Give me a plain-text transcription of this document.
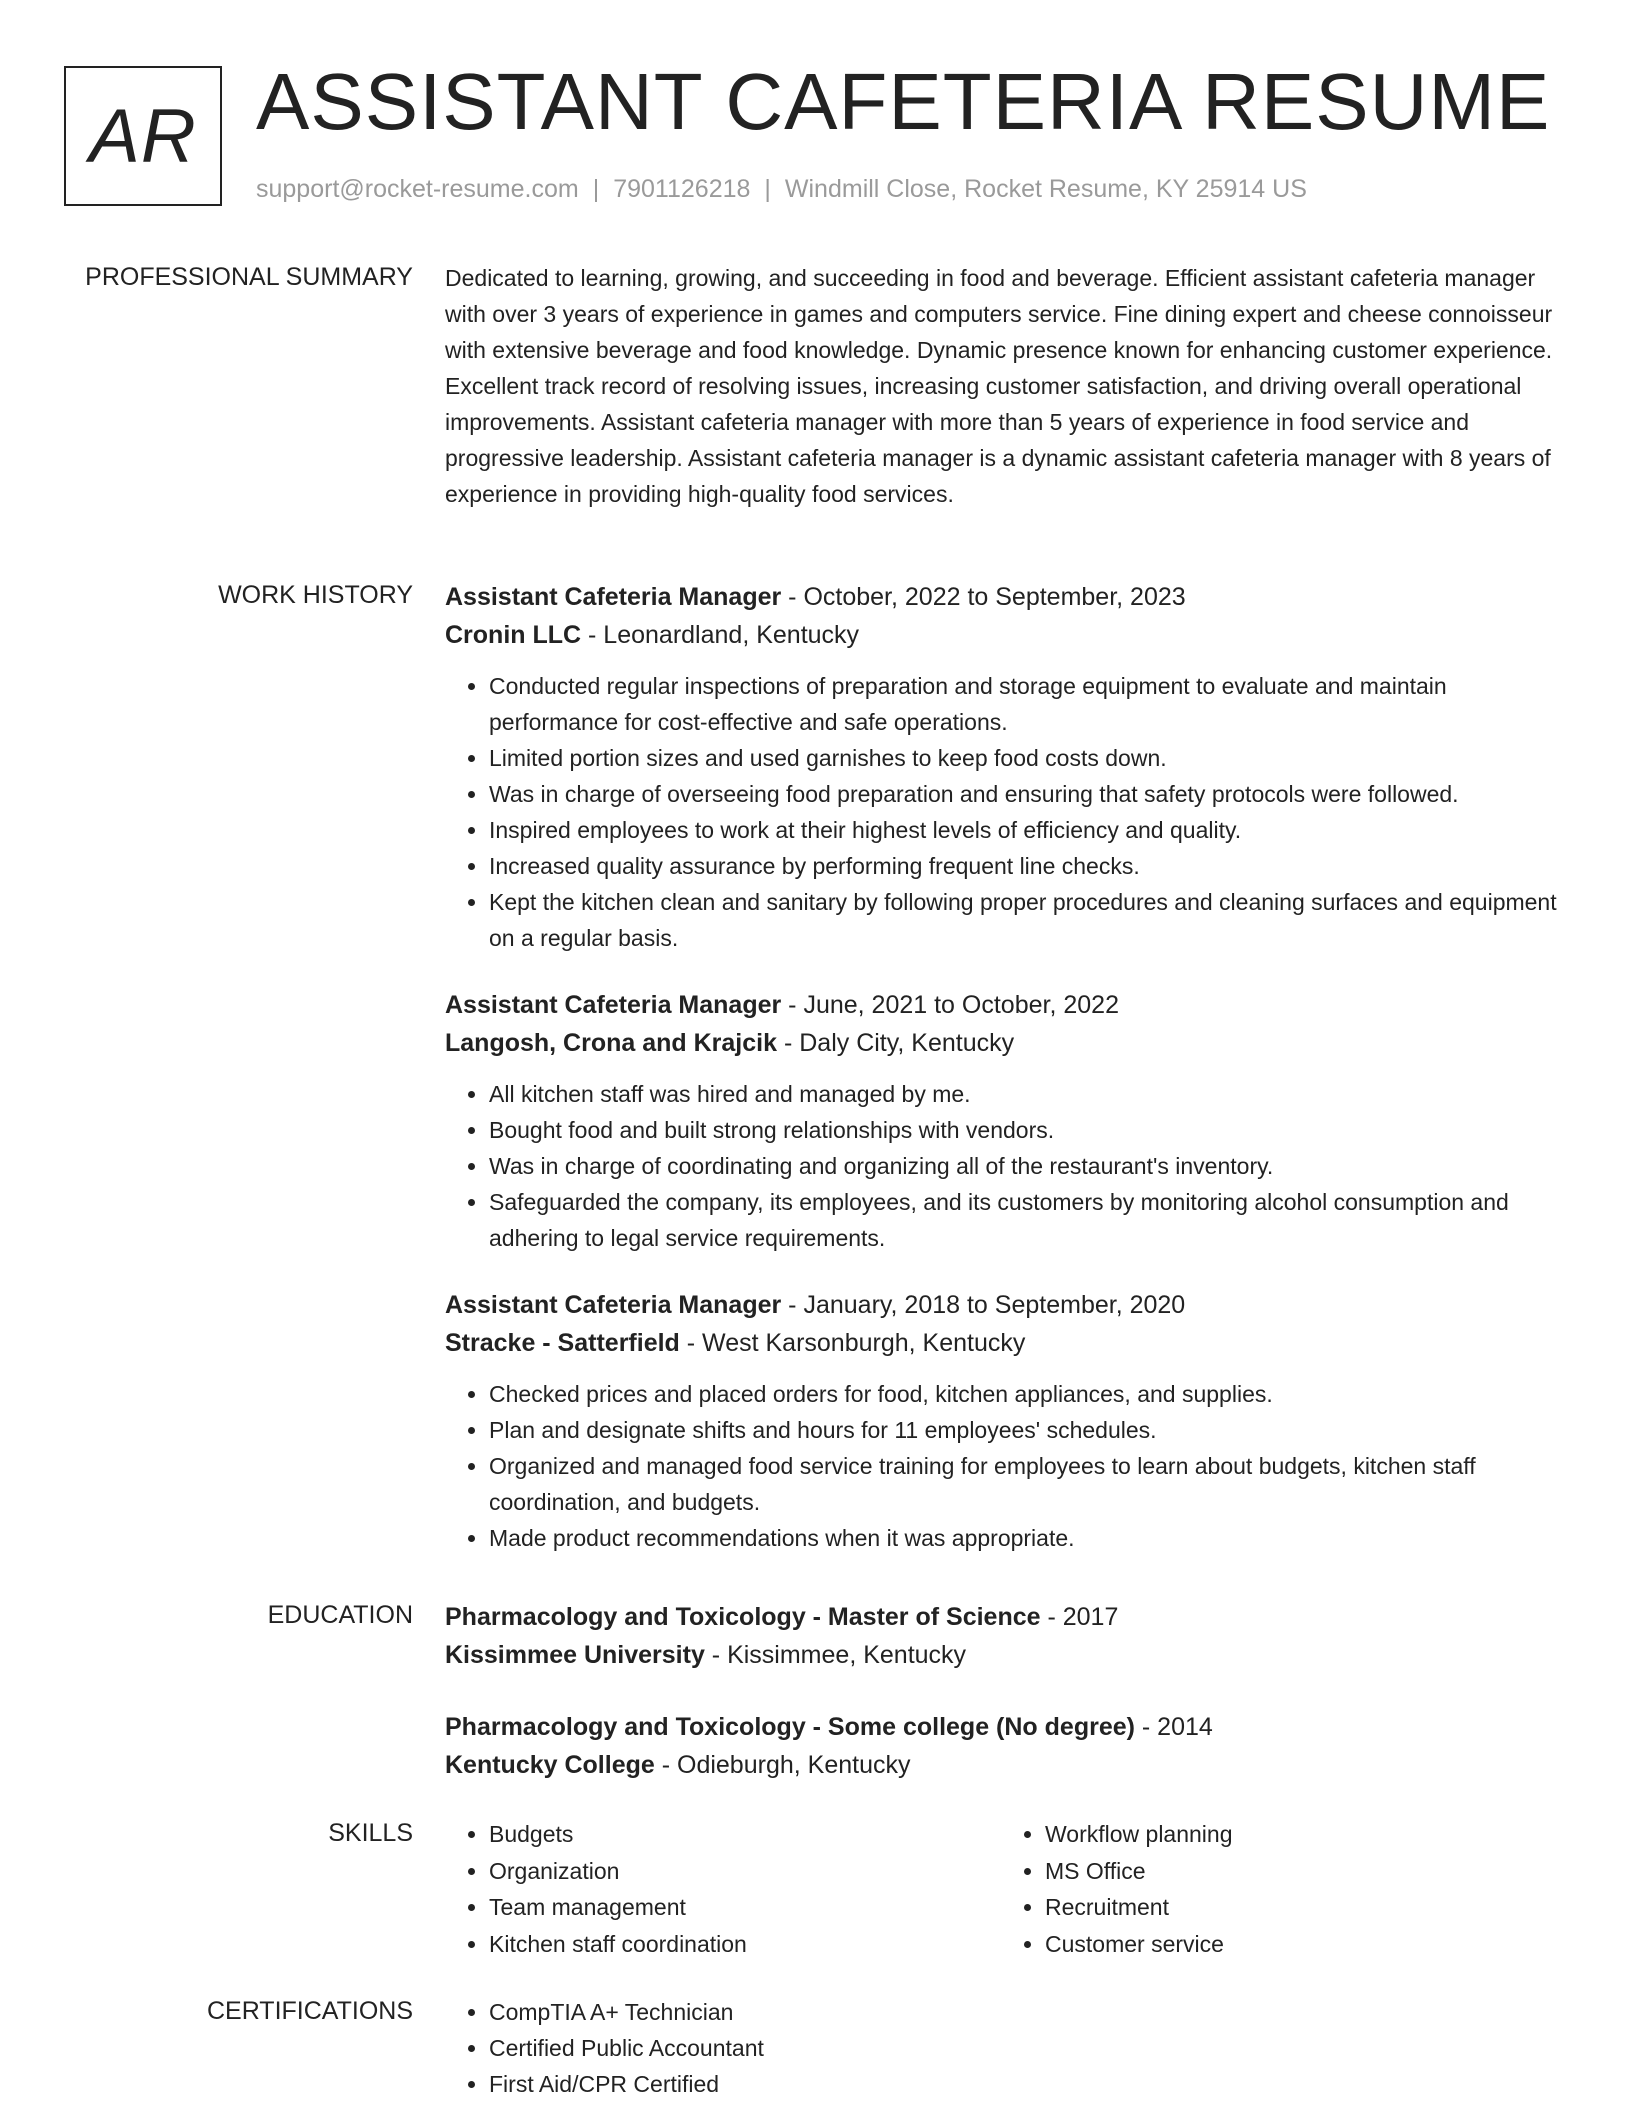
AR ASSISTANT CAFETERIA RESUME
support@rocket-resume.com | 7901126218 | Windmill Close, Rocket Resume, KY 25914 US
PROFESSIONAL SUMMARY Dedicated to learning, growing, and succeeding in food and beverage. Efficient assistant cafeteria manager with over 3 years of experience in games and computers service. Fine dining expert and cheese connoisseur with extensive beverage and food knowledge. Dynamic presence known for enhancing customer experience. Excellent track record of resolving issues, increasing customer satisfaction, and driving overall operational improvements. Assistant cafeteria manager with more than 5 years of experience in food service and progressive leadership. Assistant cafeteria manager is a dynamic assistant cafeteria manager with 8 years of experience in providing high-quality food services.

WORK HISTORY Assistant Cafeteria Manager - October, 2022 to September, 2023
Cronin LLC - Leonardland, Kentucky
• Conducted regular inspections of preparation and storage equipment to evaluate and maintain performance for cost-effective and safe operations.
• Limited portion sizes and used garnishes to keep food costs down.
• Was in charge of overseeing food preparation and ensuring that safety protocols were followed.
• Inspired employees to work at their highest levels of efficiency and quality.
• Increased quality assurance by performing frequent line checks.
• Kept the kitchen clean and sanitary by following proper procedures and cleaning surfaces and equipment on a regular basis.
Assistant Cafeteria Manager - June, 2021 to October, 2022
Langosh, Crona and Krajcik - Daly City, Kentucky
• All kitchen staff was hired and managed by me.
• Bought food and built strong relationships with vendors.
• Was in charge of coordinating and organizing all of the restaurant's inventory.
• Safeguarded the company, its employees, and its customers by monitoring alcohol consumption and adhering to legal service requirements.
Assistant Cafeteria Manager - January, 2018 to September, 2020
Stracke - Satterfield - West Karsonburgh, Kentucky
• Checked prices and placed orders for food, kitchen appliances, and supplies.
• Plan and designate shifts and hours for 11 employees' schedules.
• Organized and managed food service training for employees to learn about budgets, kitchen staff coordination, and budgets.
• Made product recommendations when it was appropriate.
EDUCATION Pharmacology and Toxicology - Master of Science - 2017
Kissimmee University - Kissimmee, Kentucky
Pharmacology and Toxicology - Some college (No degree) - 2014
Kentucky College - Odieburgh, Kentucky
SKILLS	• Budgets
• Organization
• Team management
• Kitchen staff coordination
• Workflow planning
• MS Office
• Recruitment
• Customer service
CERTIFICATIONS	• CompTIA A+ Technician
• Certified Public Accountant
• First Aid/CPR Certified
